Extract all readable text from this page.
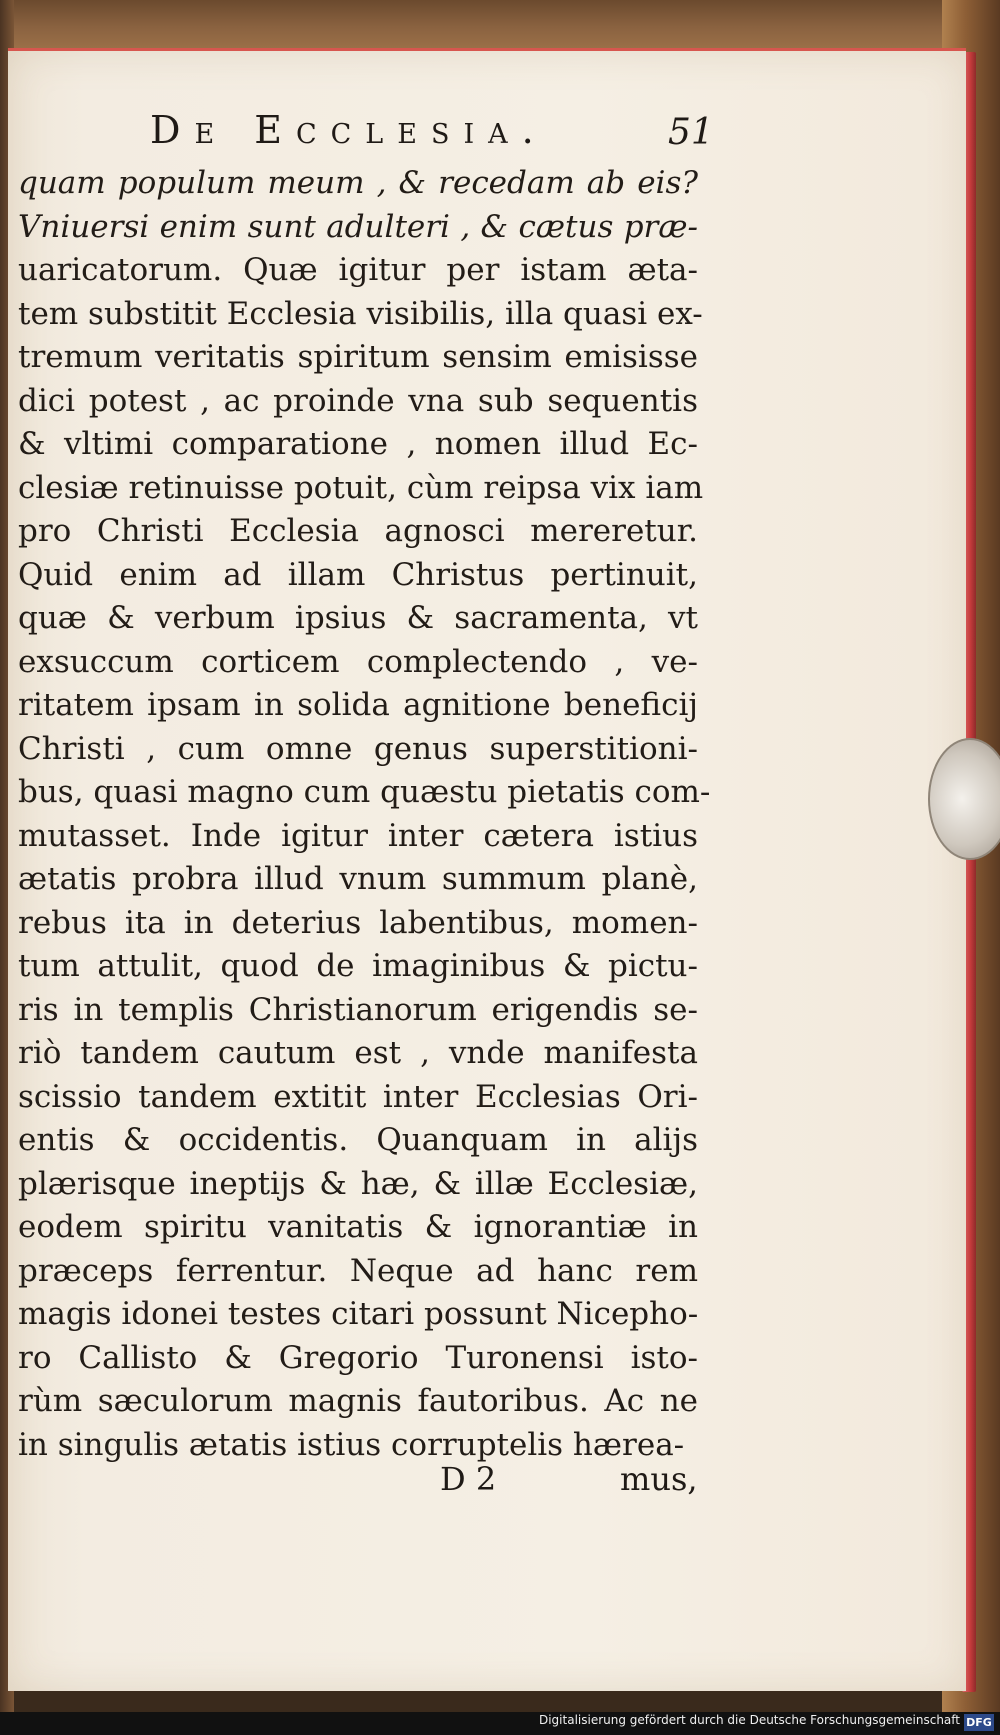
De Ecclesia.	51
quam populum meum , & recedam ab eis?
Vniuersi enim sunt adulteri , & cætus præ-
uaricatorum. Quæ igitur per istam æta-
tem substitit Ecclesia visibilis, illa quasi ex-
tremum veritatis spiritum sensim emisisse
dici potest , ac proinde vna sub sequentis
& vltimi comparatione , nomen illud Ec-
clesiæ retinuisse potuit, cùm reipsa vix iam
pro Christi Ecclesia agnosci mereretur.
Quid enim ad illam Christus pertinuit,
quæ & verbum ipsius & sacramenta, vt
exsuccum corticem complectendo , ve-
ritatem ipsam in solida agnitione beneficij
Christi , cum omne genus superstitioni-
bus, quasi magno cum quæstu pietatis com-
mutasset. Inde igitur inter cætera istius
ætatis probra illud vnum summum planè,
rebus ita in deterius labentibus, momen-
tum attulit, quod de imaginibus & pictu-
ris in templis Christianorum erigendis se-
riò tandem cautum est , vnde manifesta
scissio tandem extitit inter Ecclesias Ori-
entis & occidentis. Quanquam in alijs
plærisque ineptijs & hæ, & illæ Ecclesiæ,
eodem spiritu vanitatis & ignorantiæ in
præceps ferrentur. Neque ad hanc rem
magis idonei testes citari possunt Nicepho-
ro Callisto & Gregorio Turonensi isto-
rùm sæculorum magnis fautoribus. Ac ne
in singulis ætatis istius corruptelis hærea-
D 2	mus,
Digitalisierung gefördert durch die Deutsche Forschungsgemeinschaft DFG
